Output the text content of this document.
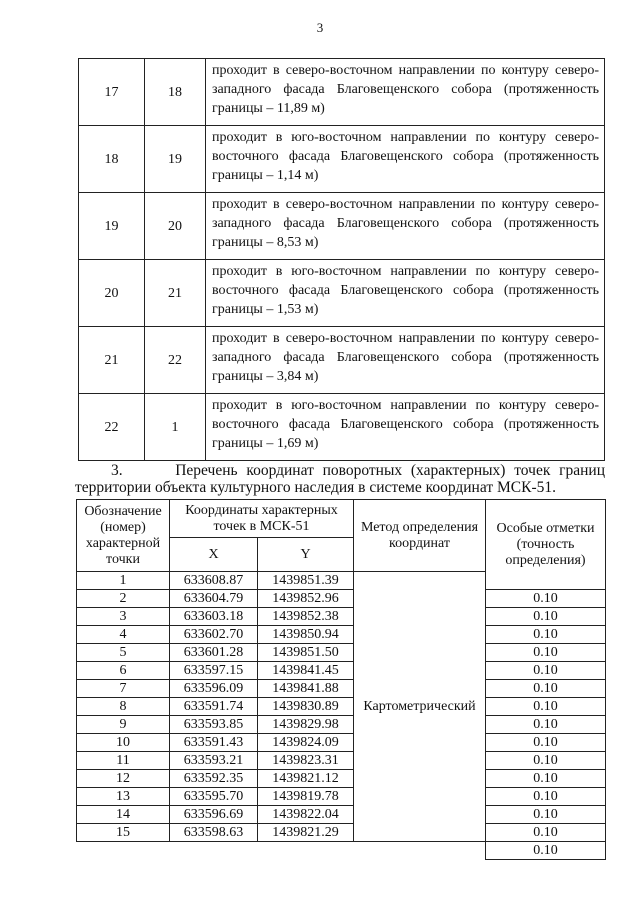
3
17	18	проходит в северо-восточном направлении по контуру северо-западного фасада Благовещенского собора (протяженность границы – 11,89 м)
18	19	проходит в юго-восточном направлении по контуру северо-восточного фасада Благовещенского собора (протяженность границы – 1,14 м)
19	20	проходит в северо-восточном направлении по контуру северо-западного фасада Благовещенского собора (протяженность границы – 8,53 м)
20	21	проходит в юго-восточном направлении по контуру северо-восточного фасада Благовещенского собора (протяженность границы – 1,53 м)
21	22	проходит в северо-восточном направлении по контуру северо-западного фасада Благовещенского собора (протяженность границы – 3,84 м)
22	1	проходит в юго-восточном направлении по контуру северо-восточного фасада Благовещенского собора (протяженность границы – 1,69 м)
3.	Перечень координат поворотных (характерных) точек границ территории объекта культурного наследия в системе координат МСК-51.
Обозначение (номер) характерной точки	Координаты характерных точек в МСК-51		Метод определения координат	Особые отметки (точность определения)
	X	Y		
1	633608.87	1439851.39	Картометрический	
2	633604.79	1439852.96		0.10
3	633603.18	1439852.38		0.10
4	633602.70	1439850.94		0.10
5	633601.28	1439851.50		0.10
6	633597.15	1439841.45		0.10
7	633596.09	1439841.88		0.10
8	633591.74	1439830.89		0.10
9	633593.85	1439829.98		0.10
10	633591.43	1439824.09		0.10
11	633593.21	1439823.31		0.10
12	633592.35	1439821.12		0.10
13	633595.70	1439819.78		0.10
14	633596.69	1439822.04		0.10
15	633598.63	1439821.29		0.10
				0.10
